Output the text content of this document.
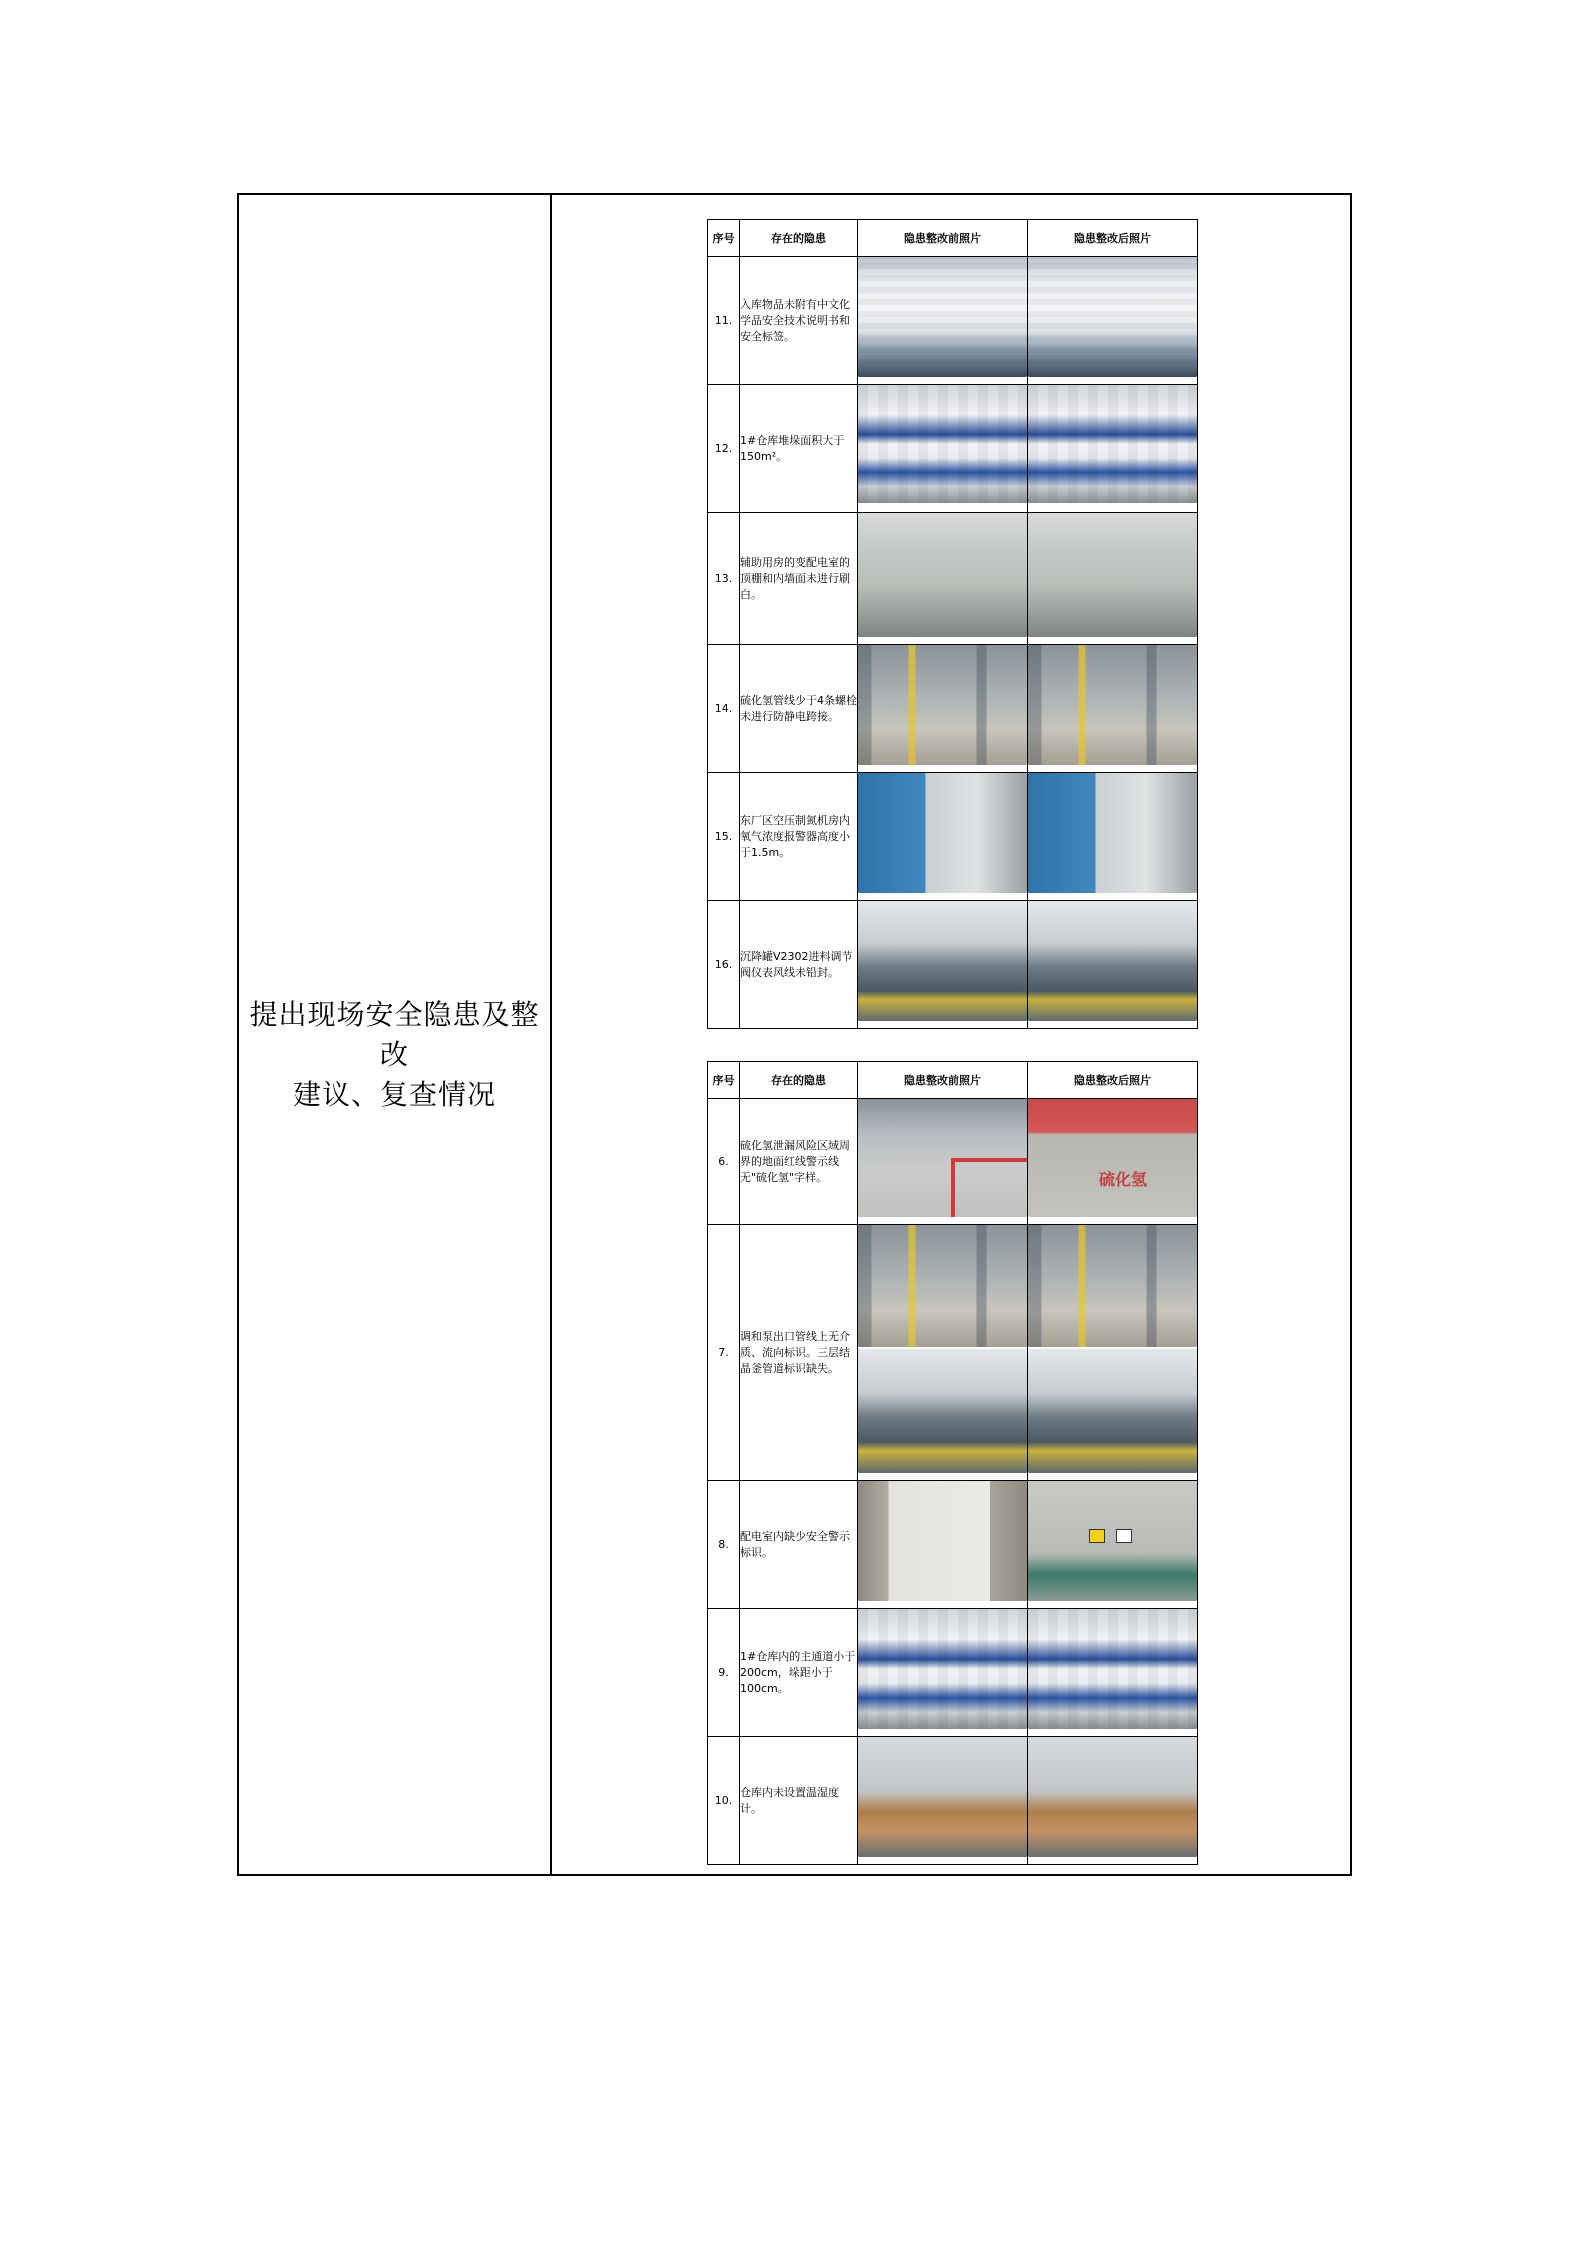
提出现场安全隐患及整改
建议、复查情况
序号	存在的隐患	隐患整改前照片	隐患整改后照片
11.	入库物品未附有中文化学品安全技术说明书和安全标签。	

12.	1#仓库堆垛面积大于150m²。	

13.	辅助用房的变配电室的顶棚和内墙面未进行刷白。	

14.	硫化氢管线少于4条螺栓未进行防静电跨接。	

15.	东厂区空压制氮机房内氧气浓度报警器高度小于1.5m。	

16.	沉降罐V2302进料调节阀仪表风线未铅封。	

序号	存在的隐患	隐患整改前照片	隐患整改后照片
6.	硫化氢泄漏风险区域周界的地面红线警示线无"硫化氢"字样。		硫化氢

7.	调和泵出口管线上无介质、流向标识。三层结晶釜管道标识缺失。	

8.	配电室内缺少安全警示标识。	

9.	1#仓库内的主通道小于200cm，垛距小于100cm。	

10.	仓库内未设置温湿度计。	
